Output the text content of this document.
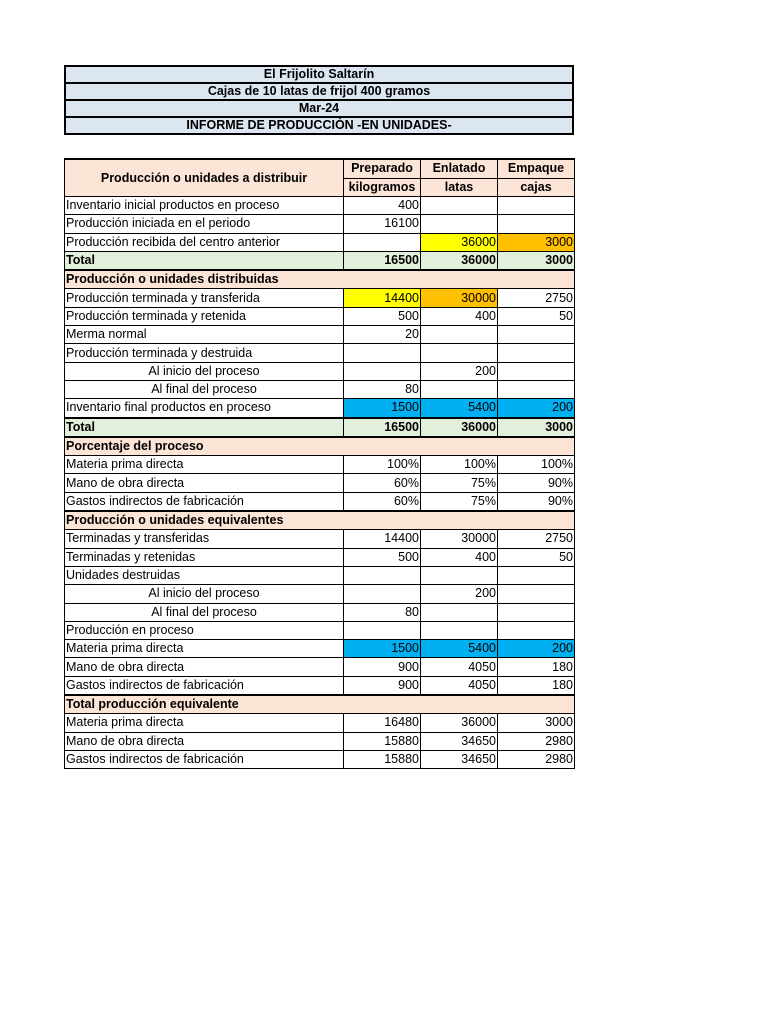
El Frijolito Saltarín
Cajas de 10 latas de frijol 400 gramos
Mar-24
INFORME DE PRODUCCIÓN -EN UNIDADES-
Producción o unidades a distribuir	Preparado	Enlatado	Empaque
	kilogramos	latas	cajas
Inventario inicial productos en proceso	400		
Producción iniciada en el periodo	16100		
Producción recibida del centro anterior		36000	3000
Total	16500	36000	3000
Producción o unidades distribuidas			
Producción terminada y transferida	14400	30000	2750
Producción terminada y retenida	500	400	50
Merma normal	20		
Producción terminada y destruida			
Al inicio del proceso		200	
Al final del proceso	80		
Inventario final productos en proceso	1500	5400	200
Total	16500	36000	3000
Porcentaje del proceso			
Materia prima directa	100%	100%	100%
Mano de obra directa	60%	75%	90%
Gastos indirectos de fabricación	60%	75%	90%
Producción o unidades equivalentes			
Terminadas y transferidas	14400	30000	2750
Terminadas y retenidas	500	400	50
Unidades destruidas			
Al inicio del proceso		200	
Al final del proceso	80		
Producción en proceso			
Materia prima directa	1500	5400	200
Mano de obra directa	900	4050	180
Gastos indirectos de fabricación	900	4050	180
Total producción equivalente			
Materia prima directa	16480	36000	3000
Mano de obra directa	15880	34650	2980
Gastos indirectos de fabricación	15880	34650	2980
